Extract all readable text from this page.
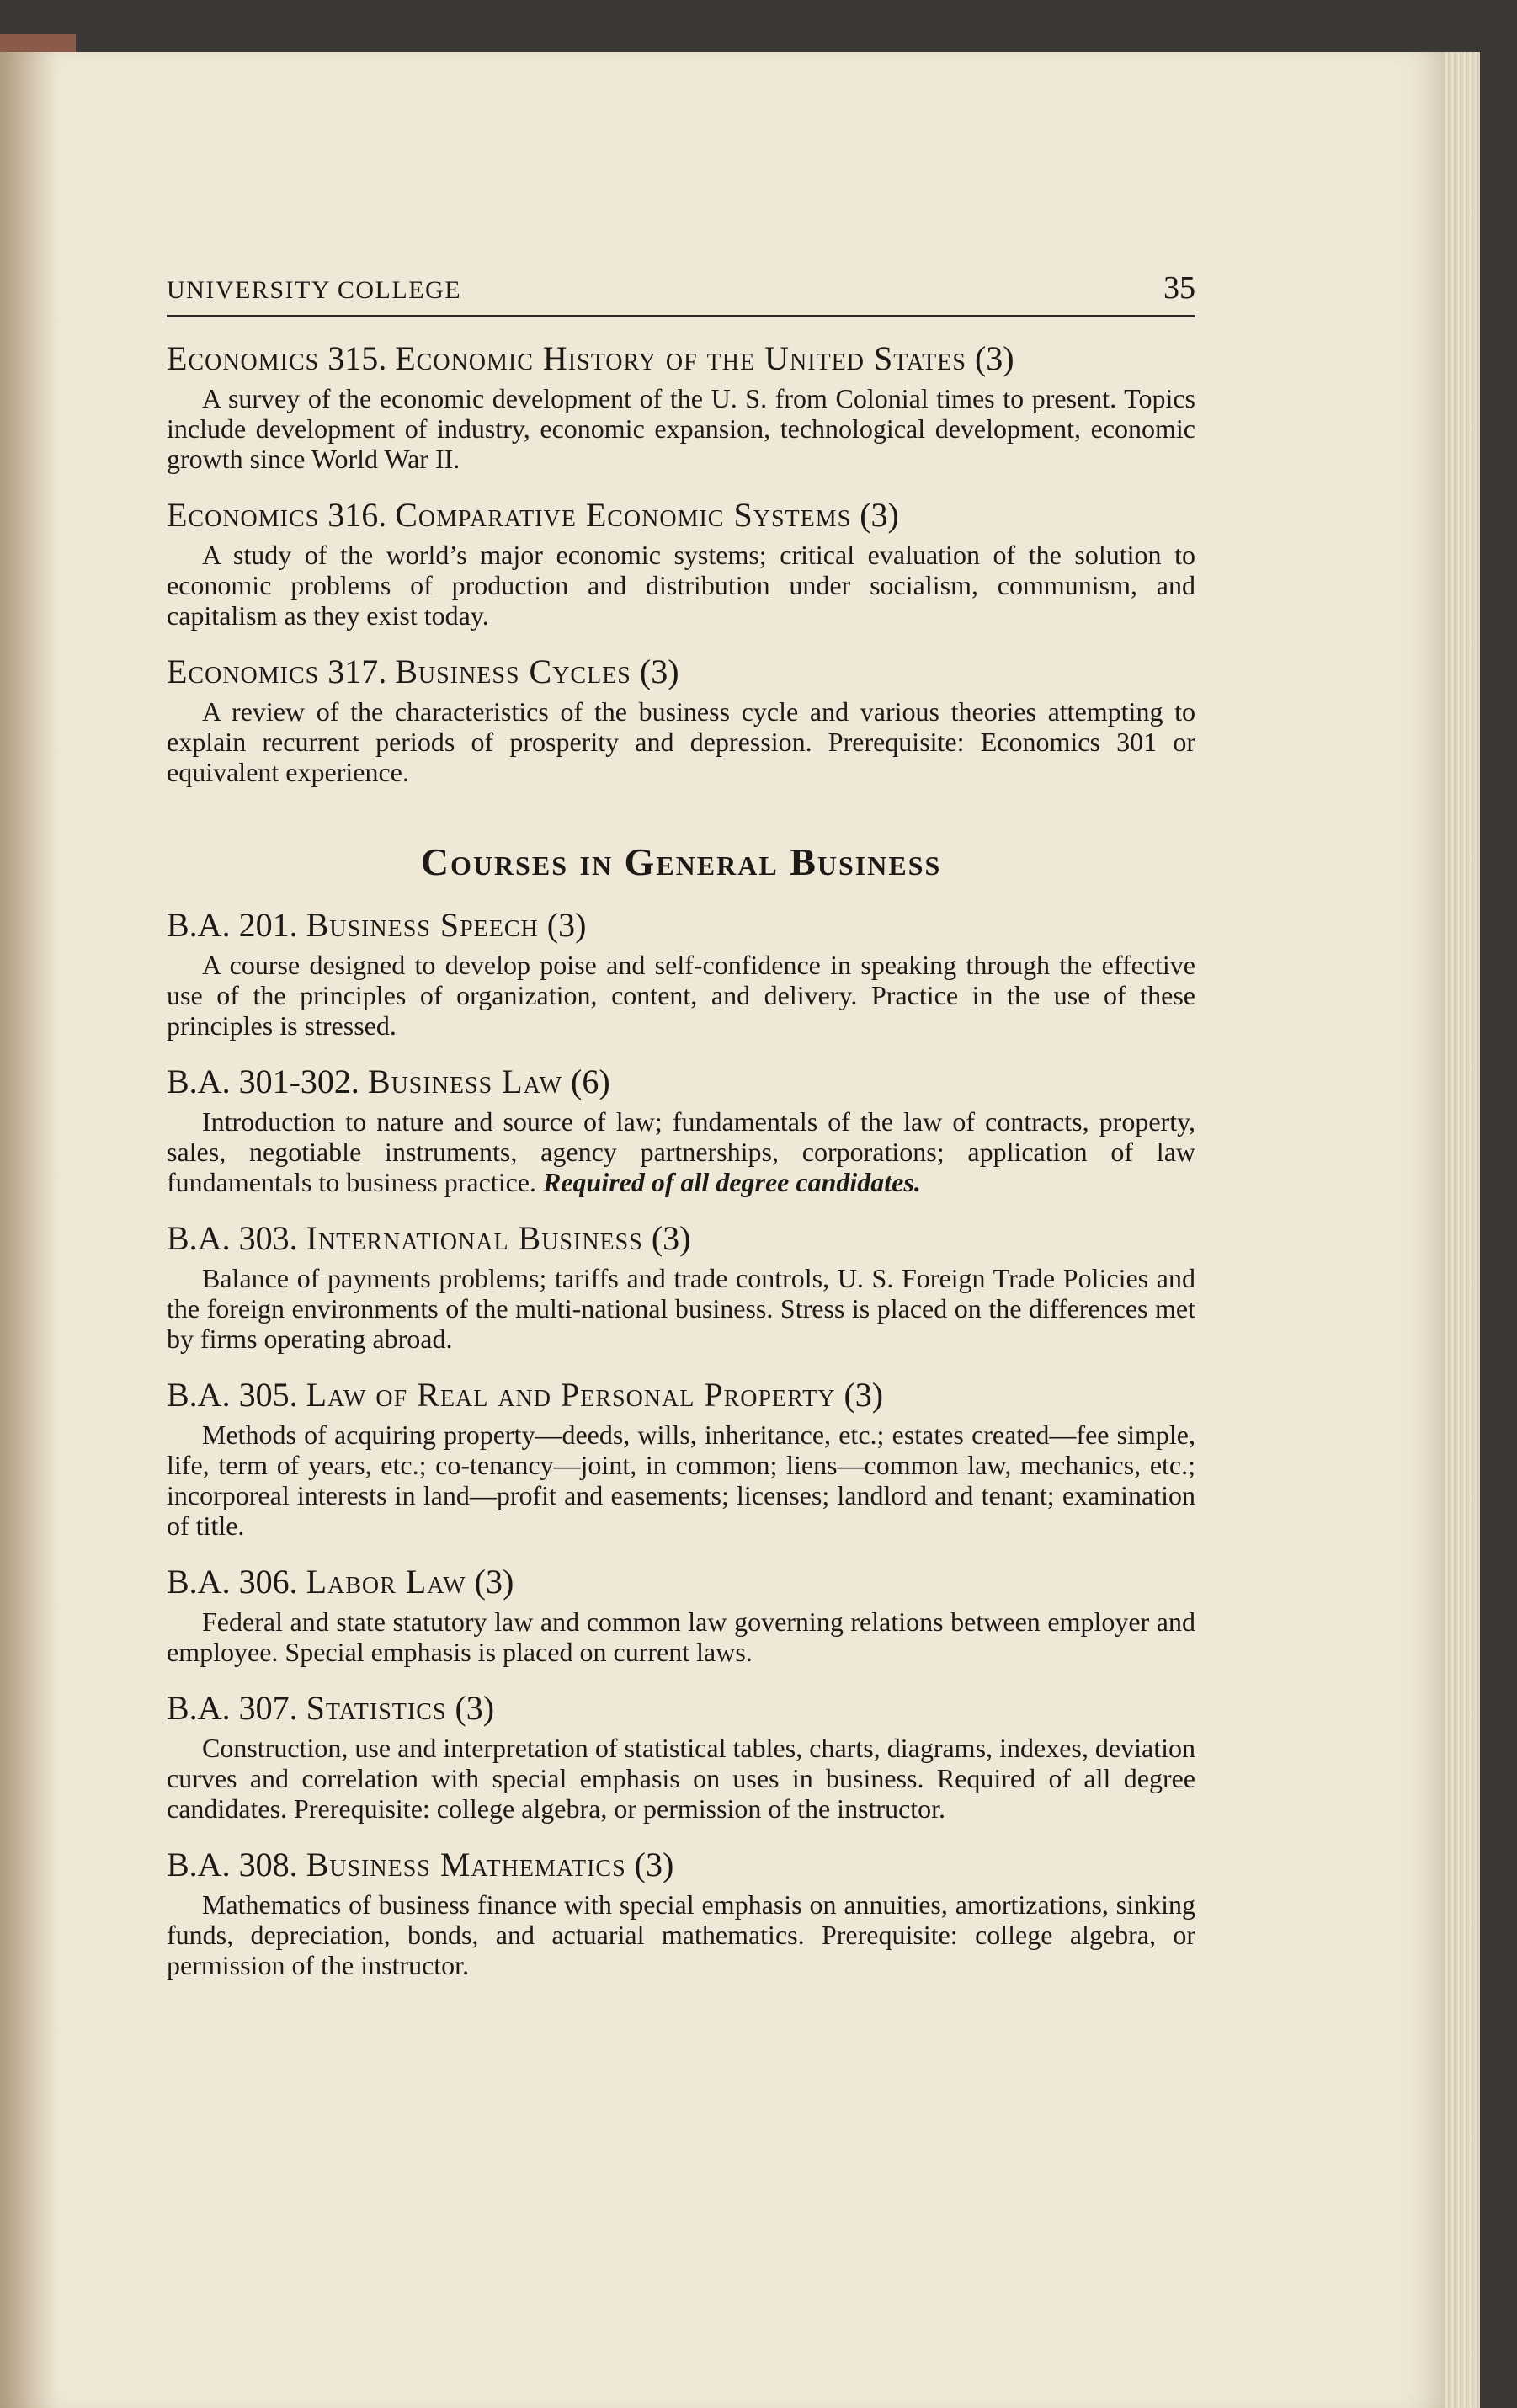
UNIVERSITY COLLEGE	35

Economics 315. Economic History of the United States (3)

A survey of the economic development of the U. S. from Colonial times to present. Topics include development of industry, economic expansion, technological development, economic growth since World War II.

Economics 316. Comparative Economic Systems (3)

A study of the world’s major economic systems; critical evaluation of the solution to economic problems of production and distribution under socialism, communism, and capitalism as they exist today.

Economics 317. Business Cycles (3)

A review of the characteristics of the business cycle and various theories attempting to explain recurrent periods of prosperity and depression. Prerequisite: Economics 301 or equivalent experience.

Courses in General Business

B.A. 201. Business Speech (3)

A course designed to develop poise and self-confidence in speaking through the effective use of the principles of organization, content, and delivery. Practice in the use of these principles is stressed.

B.A. 301-302. Business Law (6)

Introduction to nature and source of law; fundamentals of the law of contracts, property, sales, negotiable instruments, agency partnerships, corporations; application of law fundamentals to business practice. Required of all degree candidates.

B.A. 303. International Business (3)

Balance of payments problems; tariffs and trade controls, U. S. Foreign Trade Policies and the foreign environments of the multi-national business. Stress is placed on the differences met by firms operating abroad.

B.A. 305. Law of Real and Personal Property (3)

Methods of acquiring property—deeds, wills, inheritance, etc.; estates created—fee simple, life, term of years, etc.; co-tenancy—joint, in common; liens—common law, mechanics, etc.; incorporeal interests in land—profit and easements; licenses; landlord and tenant; examination of title.

B.A. 306. Labor Law (3)

Federal and state statutory law and common law governing relations between employer and employee. Special emphasis is placed on current laws.

B.A. 307. Statistics (3)

Construction, use and interpretation of statistical tables, charts, diagrams, indexes, deviation curves and correlation with special emphasis on uses in business. Required of all degree candidates. Prerequisite: college algebra, or permission of the instructor.

B.A. 308. Business Mathematics (3)

Mathematics of business finance with special emphasis on annuities, amortizations, sinking funds, depreciation, bonds, and actuarial mathematics. Prerequisite: college algebra, or permission of the instructor.
